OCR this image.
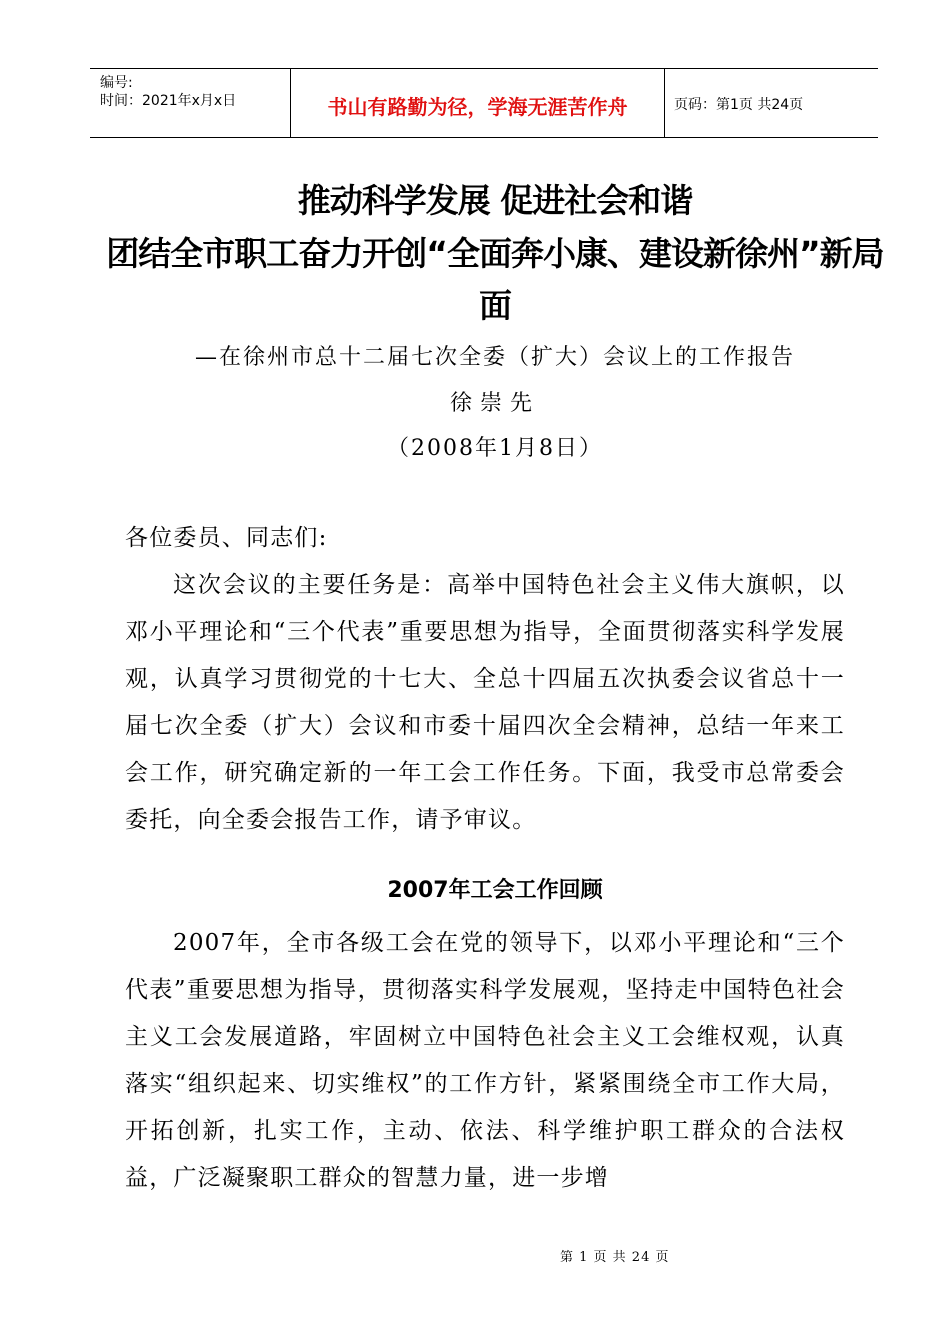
编号:
时间：2021年x月x日	书山有路勤为径，学海无涯苦作舟	页码：第1页 共24页
推动科学发展 促进社会和谐
团结全市职工奋力开创“全面奔小康、建设新徐州”新局
面
—在徐州市总十二届七次全委（扩大）会议上的工作报告
徐崇先
（2008年1月8日）
各位委员、同志们:
这次会议的主要任务是：高举中国特色社会主义伟大旗帜，以邓小平理论和“三个代表”重要思想为指导，全面贯彻落实科学发展观，认真学习贯彻党的十七大、全总十四届五次执委会议省总十一届七次全委（扩大）会议和市委十届四次全会精神，总结一年来工会工作，研究确定新的一年工会工作任务。下面，我受市总常委会委托，向全委会报告工作，请予审议。
2007年工会工作回顾
2007年，全市各级工会在党的领导下，以邓小平理论和“三个代表”重要思想为指导，贯彻落实科学发展观，坚持走中国特色社会主义工会发展道路，牢固树立中国特色社会主义工会维权观，认真落实“组织起来、切实维权”的工作方针，紧紧围绕全市工作大局，开拓创新，扎实工作，主动、依法、科学维护职工群众的合法权益，广泛凝聚职工群众的智慧力量，进一步增
第 1 页 共 24 页
